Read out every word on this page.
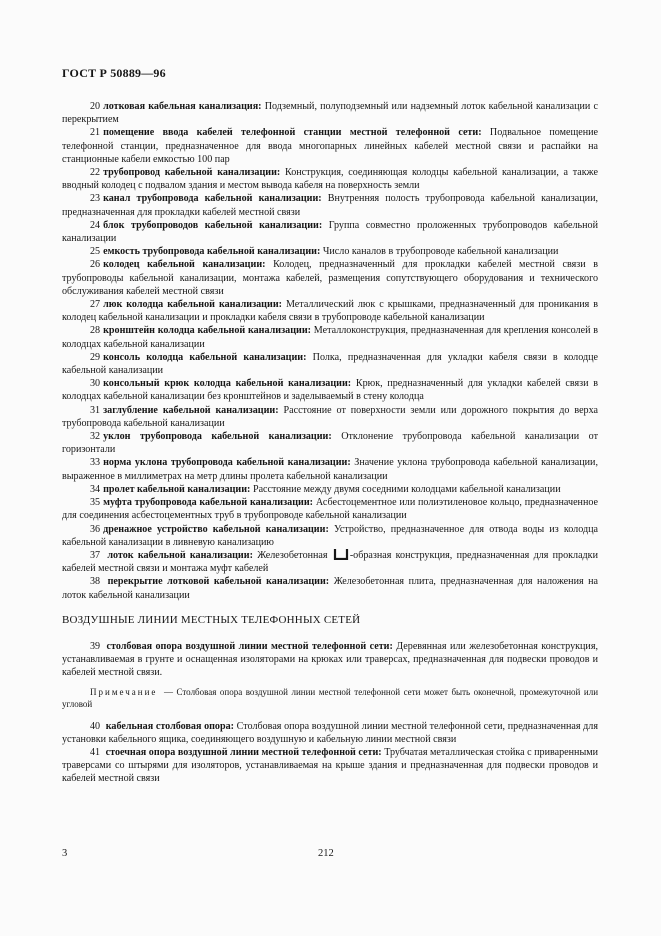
ГОСТ Р 50889—96

20 лотковая кабельная канализация: Подземный, полуподземный или надземный лоток кабельной канализации с перекрытием

21 помещение ввода кабелей телефонной станции местной телефонной сети: Подвальное помещение телефонной станции, предназначенное для ввода многопарных линейных кабелей местной связи и распайки на станционные кабели емкостью 100 пар

22 трубопровод кабельной канализации: Конструкция, соединяющая колодцы кабельной канализации, а также вводный колодец с подвалом здания и местом вывода кабеля на поверхность земли

23 канал трубопровода кабельной канализации: Внутренняя полость трубопровода кабельной канализации, предназначенная для прокладки кабелей местной связи

24 блок трубопроводов кабельной канализации: Группа совместно проложенных трубопроводов кабельной канализации

25 емкость трубопровода кабельной канализации: Число каналов в трубопроводе кабельной канализации

26 колодец кабельной канализации: Колодец, предназначенный для прокладки кабелей местной связи в трубопроводы кабельной канализации, монтажа кабелей, размещения сопутствующего оборудования и технического обслуживания кабелей местной связи

27 люк колодца кабельной канализации: Металлический люк с крышками, предназначенный для проникания в колодец кабельной канализации и прокладки кабеля связи в трубопроводе кабельной канализации

28 кронштейн колодца кабельной канализации: Металлоконструкция, предназначенная для крепления консолей в колодцах кабельной канализации

29 консоль колодца кабельной канализации: Полка, предназначенная для укладки кабеля связи в колодце кабельной канализации

30 консольный крюк колодца кабельной канализации: Крюк, предназначенный для укладки кабелей связи в колодцах кабельной канализации без кронштейнов и заделываемый в стену колодца

31 заглубление кабельной канализации: Расстояние от поверхности земли или дорожного покрытия до верха трубопровода кабельной канализации

32 уклон трубопровода кабельной канализации: Отклонение трубопровода кабельной канализации от горизонтали

33 норма уклона трубопровода кабельной канализации: Значение уклона трубопровода кабельной канализации, выраженное в миллиметрах на метр длины пролета кабельной канализации

34 пролет кабельной канализации: Расстояние между двумя соседними колодцами кабельной канализации

35 муфта трубопровода кабельной канализации: Асбестоцементное или полиэтиленовое кольцо, предназначенное для соединения асбестоцементных труб в трубопроводе кабельной канализации

36 дренажное устройство кабельной канализации: Устройство, предназначенное для отвода воды из колодца кабельной канализации в ливневую канализацию

37 лоток кабельной канализации: Железобетонная -образная конструкция, предназначенная для прокладки кабелей местной связи и монтажа муфт кабелей

38 перекрытие лотковой кабельной канализации: Железобетонная плита, предназначенная для наложения на лоток кабельной канализации

ВОЗДУШНЫЕ ЛИНИИ МЕСТНЫХ ТЕЛЕФОННЫХ СЕТЕЙ

39 столбовая опора воздушной линии местной телефонной сети: Деревянная или железобетонная конструкция, устанавливаемая в грунте и оснащенная изоляторами на крюках или траверсах, предназначенная для подвески проводов и кабелей местной связи.

Примечание — Столбовая опора воздушной линии местной телефонной сети может быть оконечной, промежуточной или угловой

40 кабельная столбовая опора: Столбовая опора воздушной линии местной телефонной сети, предназначенная для установки кабельного ящика, соединяющего воздушную и кабельную линии местной связи

41 стоечная опора воздушной линии местной телефонной сети: Трубчатая металлическая стойка с приваренными траверсами со штырями для изоляторов, устанавливаемая на крыше здания и предназначенная для подвески проводов и кабелей местной связи

3	212
